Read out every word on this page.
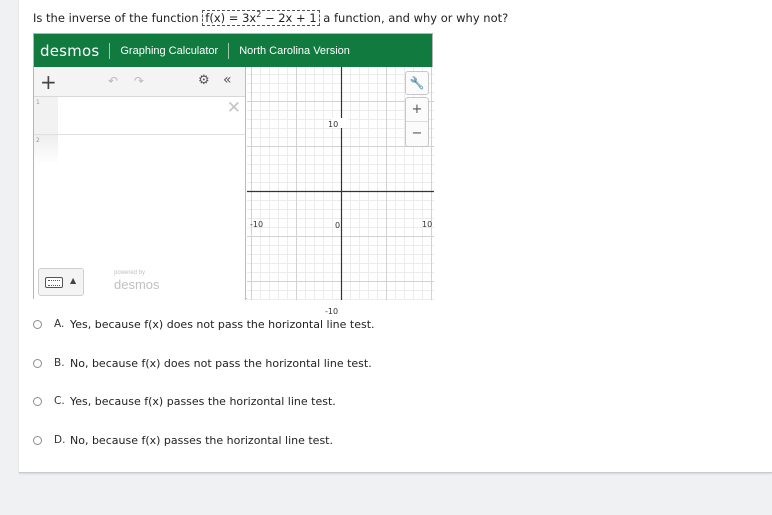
Is the inverse of the function $f(x) = 3x^2 - 2x + 1$ a function, and why or why not?
desmos Graphing Calculator North Carolina Version
+	↶ ↷	⚙ «
1	✕
2
▲
powered by
desmos
10
-10
-10	0	10
🔧
+
−
A. Yes, because f(x) does not pass the horizontal line test.
B. No, because f(x) does not pass the horizontal line test.
C. Yes, because f(x) passes the horizontal line test.
D. No, because f(x) passes the horizontal line test.
